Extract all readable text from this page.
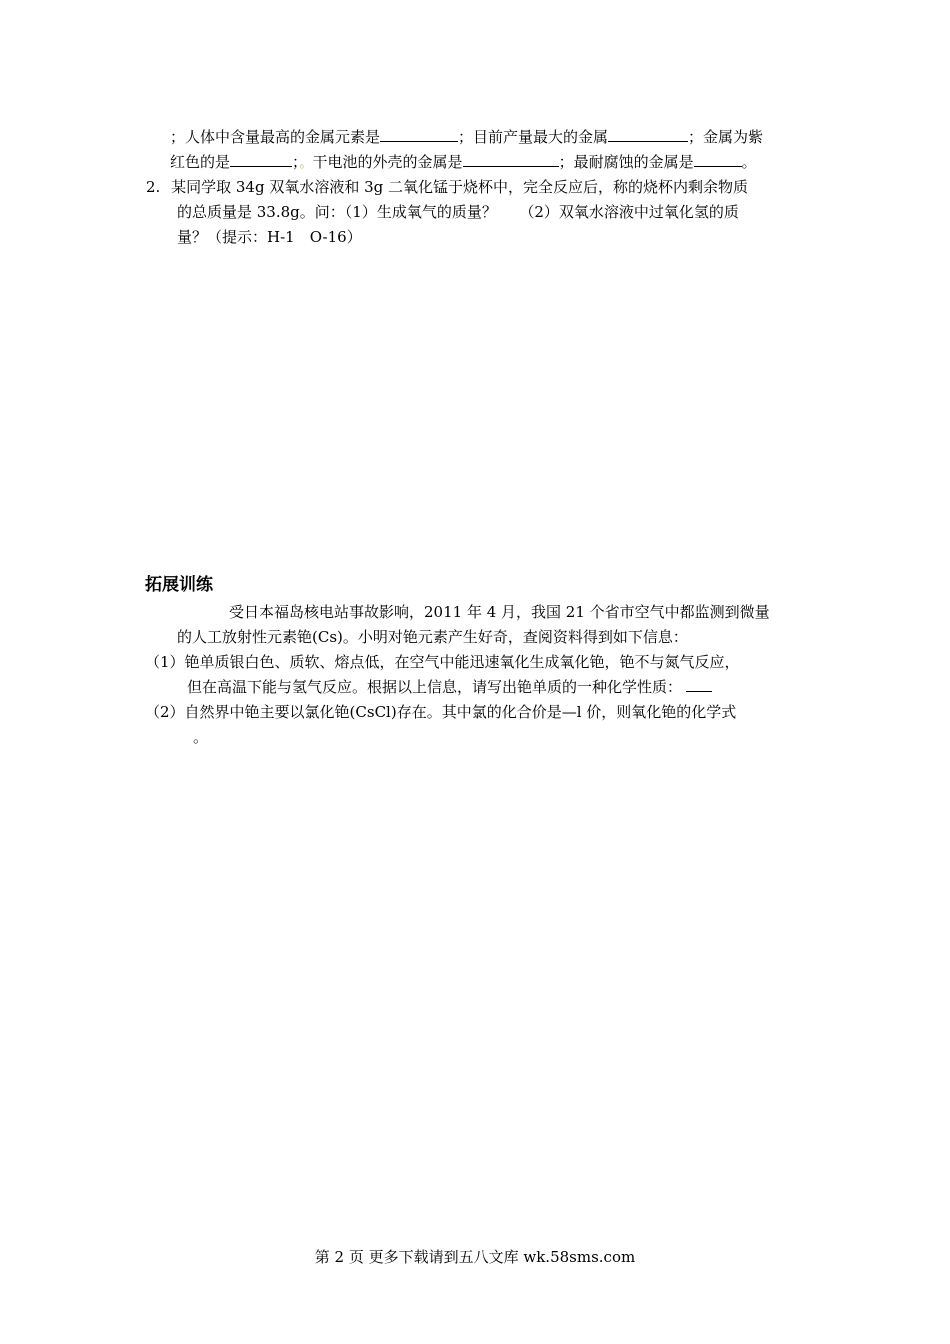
；人体中含量最高的金属元素是	；目前产量最大的金属	；金属为紫
红色的是	；。干电池的外壳的金属是	；最耐腐蚀的金属是	。
2. 某同学取 34g 双氧水溶液和 3g 二氧化锰于烧杯中，完全反应后，称的烧杯内剩余物质
的总质量是 33.8g。问：（1）生成氧气的质量？　　（2）双氧水溶液中过氧化氢的质
量？（提示：H-1　O-16）
拓展训练
受日本福岛核电站事故影响，2011 年 4 月，我国 21 个省市空气中都监测到微量
的人工放射性元素铯(Cs)。小明对铯元素产生好奇，查阅资料得到如下信息：
（1）铯单质银白色、质软、熔点低，在空气中能迅速氧化生成氧化铯，铯不与氮气反应，
但在高温下能与氢气反应。根据以上信息，请写出铯单质的一种化学性质：
（2）自然界中铯主要以氯化铯(CsCl)存在。其中氯的化合价是—l 价，则氧化铯的化学式
。
第 2 页 更多下载请到五八文库 wk.58sms.com
